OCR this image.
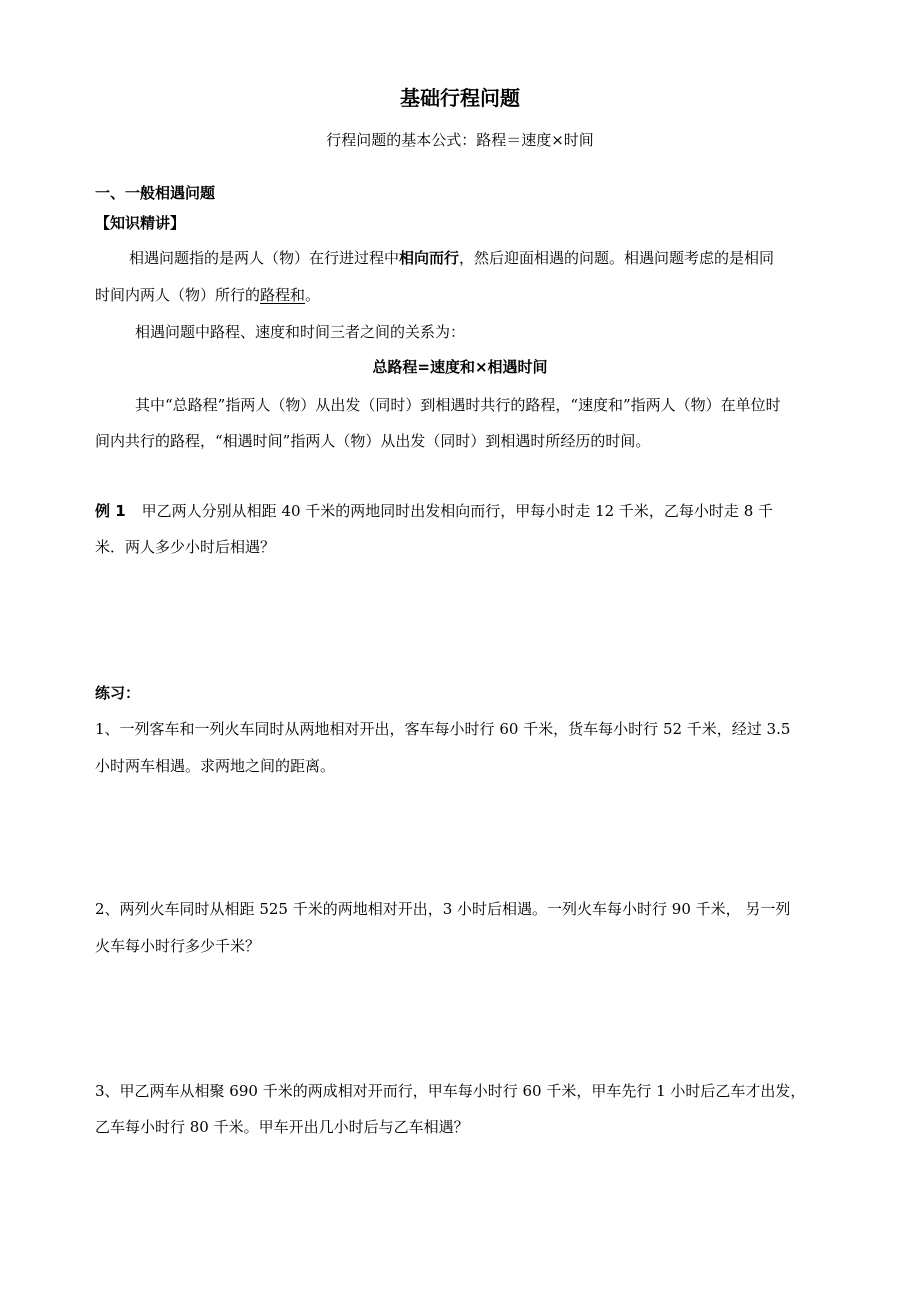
基础行程问题
行程问题的基本公式：路程＝速度×时间
一、一般相遇问题
【知识精讲】
相遇问题指的是两人（物）在行进过程中相向而行，然后迎面相遇的问题。相遇问题考虑的是相同
时间内两人（物）所行的路程和。
相遇问题中路程、速度和时间三者之间的关系为：
总路程=速度和×相遇时间
其中“总路程”指两人（物）从出发（同时）到相遇时共行的路程，“速度和”指两人（物）在单位时
间内共行的路程，“相遇时间”指两人（物）从出发（同时）到相遇时所经历的时间。
例 1 甲乙两人分别从相距 40 千米的两地同时出发相向而行，甲每小时走 12 千米，乙每小时走 8 千
米．两人多少小时后相遇？
练习：
1、一列客车和一列火车同时从两地相对开出，客车每小时行 60 千米，货车每小时行 52 千米，经过 3.5
小时两车相遇。求两地之间的距离。
2、两列火车同时从相距 525 千米的两地相对开出，3 小时后相遇。一列火车每小时行 90 千米， 另一列
火车每小时行多少千米？
3、甲乙两车从相聚 690 千米的两成相对开而行，甲车每小时行 60 千米，甲车先行 1 小时后乙车才出发，
乙车每小时行 80 千米。甲车开出几小时后与乙车相遇？
